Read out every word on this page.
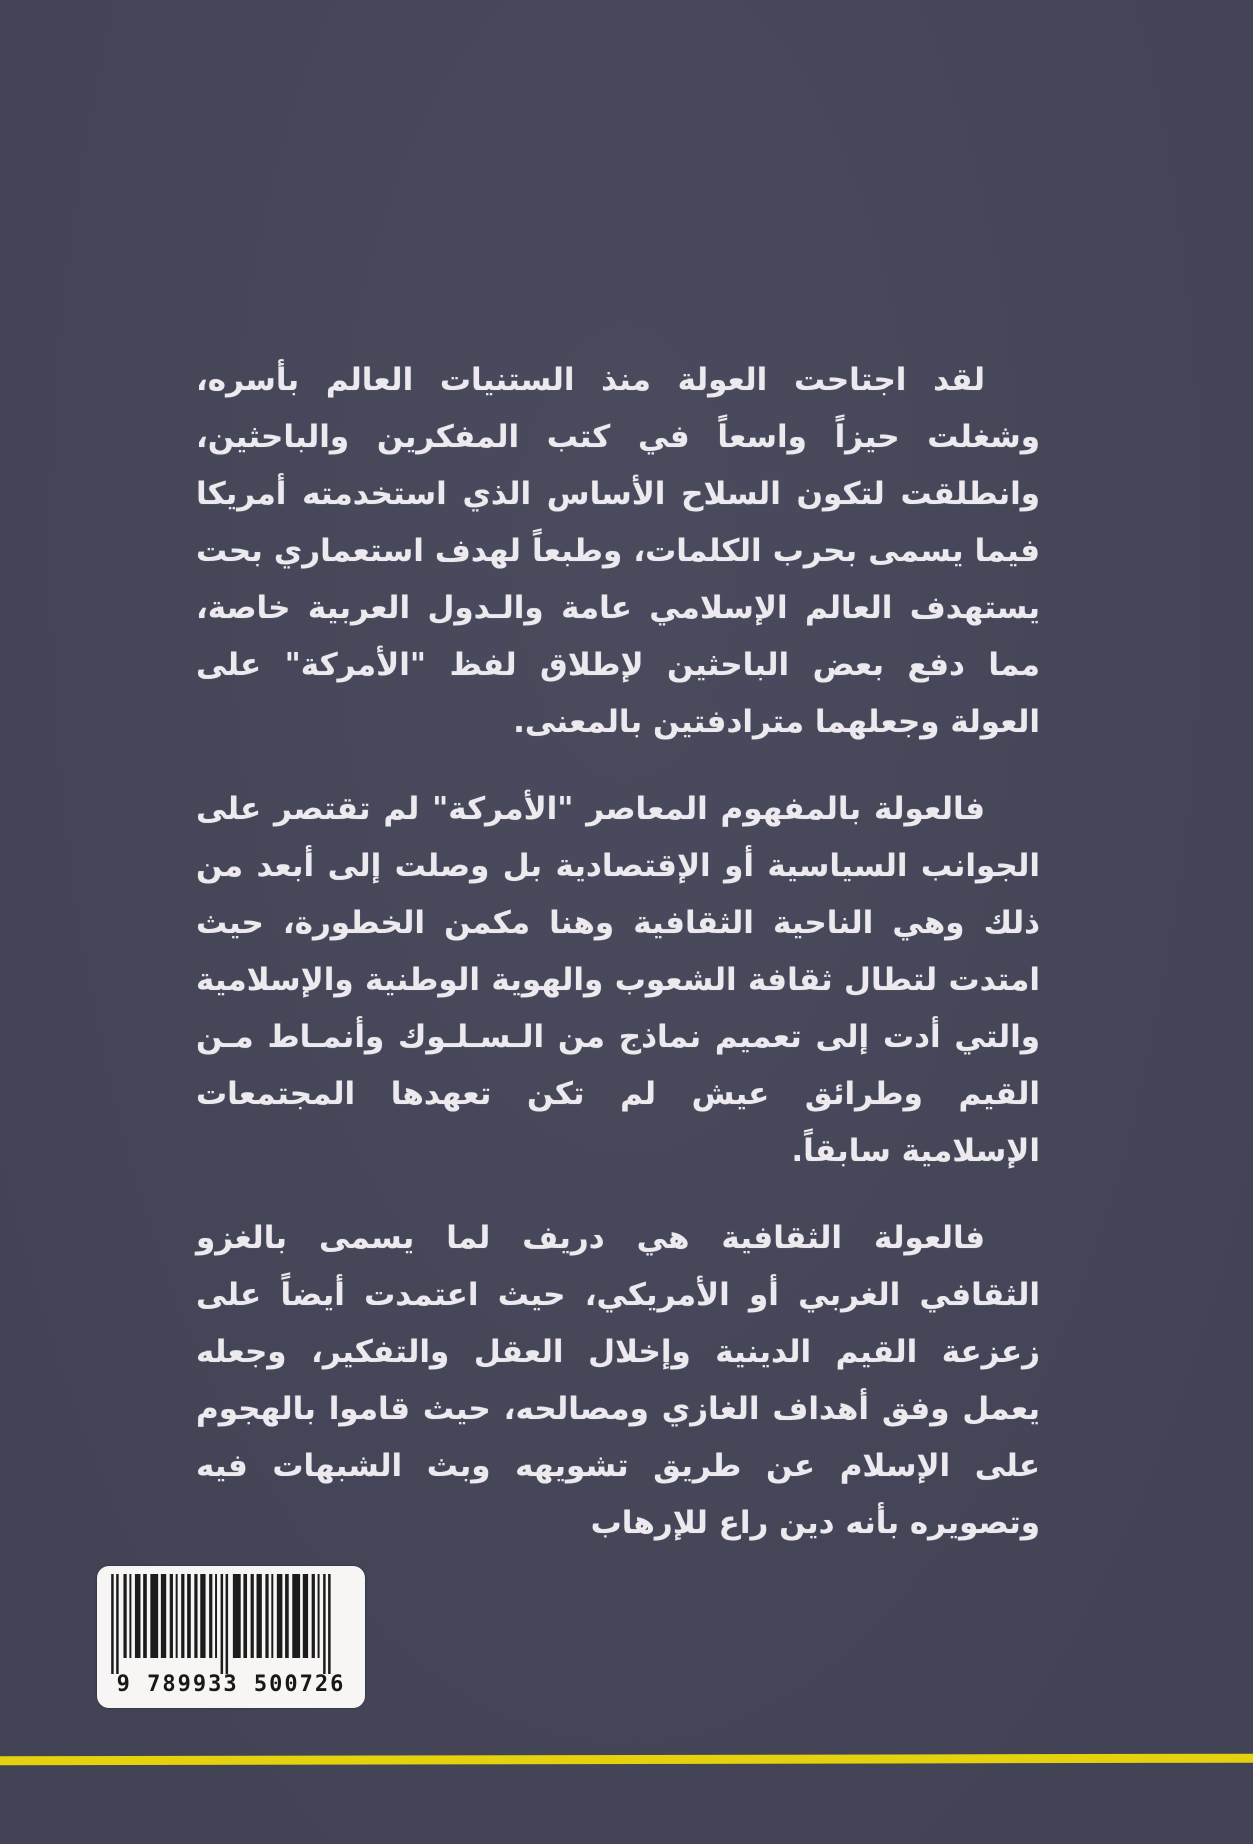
لقد اجتاحت العولة منذ الستنيات العالم بأسره، وشغلت حيزاً واسعاً في كتب المفكرين والباحثين، وانطلقت لتكون السلاح الأساس الذي استخدمته أمريكا فيما يسمى بحرب الكلمات، وطبعاً لهدف استعماري بحت يستهدف العالم الإسلامي عامة والـدول العربية خاصة، مما دفع بعض الباحثين لإطلاق لفظ "الأمركة" على العولة وجعلهما مترادفتين بالمعنى.

فالعولة بالمفهوم المعاصر "الأمركة" لم تقتصر على الجوانب السياسية أو الإقتصادية بل وصلت إلى أبعد من ذلك وهي الناحية الثقافية وهنا مكمن الخطورة، حيث امتدت لتطال ثقافة الشعوب والهوية الوطنية والإسلامية والتي أدت إلى تعميم نماذج من الـسـلـوك وأنمـاط مـن القيم وطرائق عيش لم تكن تعهدها المجتمعات الإسلامية سابقاً.

فالعولة الثقافية هي دريف لما يسمى بالغزو الثقافي الغربي أو الأمريكي، حيث اعتمدت أيضاً على زعزعة القيم الدينية وإخلال العقل والتفكير، وجعله يعمل وفق أهداف الغازي ومصالحه، حيث قاموا بالهجوم على الإسلام عن طريق تشويهه وبث الشبهات فيه وتصويره بأنه دين راع للإرهاب

9 789933 500726
